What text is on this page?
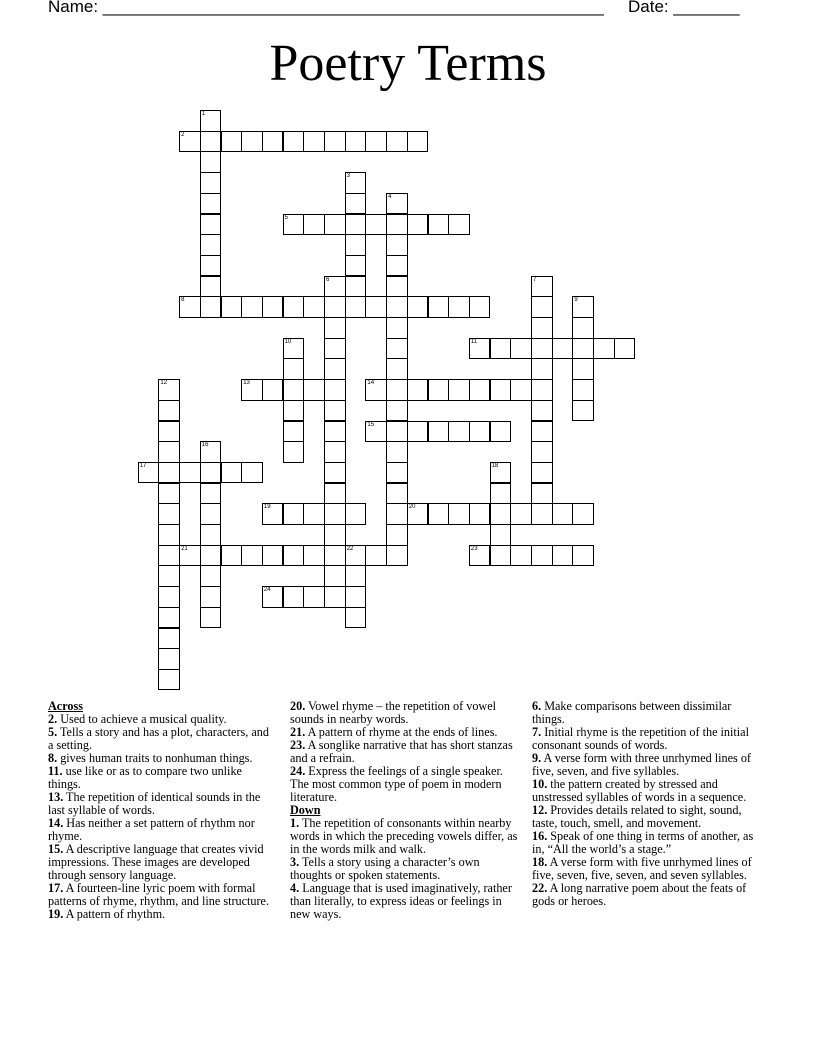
Name: _____________________________________________________ Date: _______
Poetry Terms
1
2
3
4
5
6	7
8	9
10	11
12	13	14
15
16
17	18
19	20
21	22	23
24
Across
2. Used to achieve a musical quality.
5. Tells a story and has a plot, characters, and a setting.
8. gives human traits to nonhuman things.
11. use like or as to compare two unlike things.
13. The repetition of identical sounds in the last syllable of words.
14. Has neither a set pattern of rhythm nor rhyme.
15. A descriptive language that creates vivid impressions. These images are developed through sensory language.
17. A fourteen-line lyric poem with formal patterns of rhyme, rhythm, and line structure.
19. A pattern of rhythm.
20. Vowel rhyme – the repetition of vowel sounds in nearby words.
21. A pattern of rhyme at the ends of lines.
23. A songlike narrative that has short stanzas and a refrain.
24. Express the feelings of a single speaker. The most common type of poem in modern literature.
Down
1. The repetition of consonants within nearby words in which the preceding vowels differ, as in the words milk and walk.
3. Tells a story using a character’s own thoughts or spoken statements.
4. Language that is used imaginatively, rather than literally, to express ideas or feelings in new ways.
6. Make comparisons between dissimilar things.
7. Initial rhyme is the repetition of the initial consonant sounds of words.
9. A verse form with three unrhymed lines of five, seven, and five syllables.
10. the pattern created by stressed and unstressed syllables of words in a sequence.
12. Provides details related to sight, sound, taste, touch, smell, and movement.
16. Speak of one thing in terms of another, as in, “All the world’s a stage.”
18. A verse form with five unrhymed lines of five, seven, five, seven, and seven syllables.
22. A long narrative poem about the feats of gods or heroes.
